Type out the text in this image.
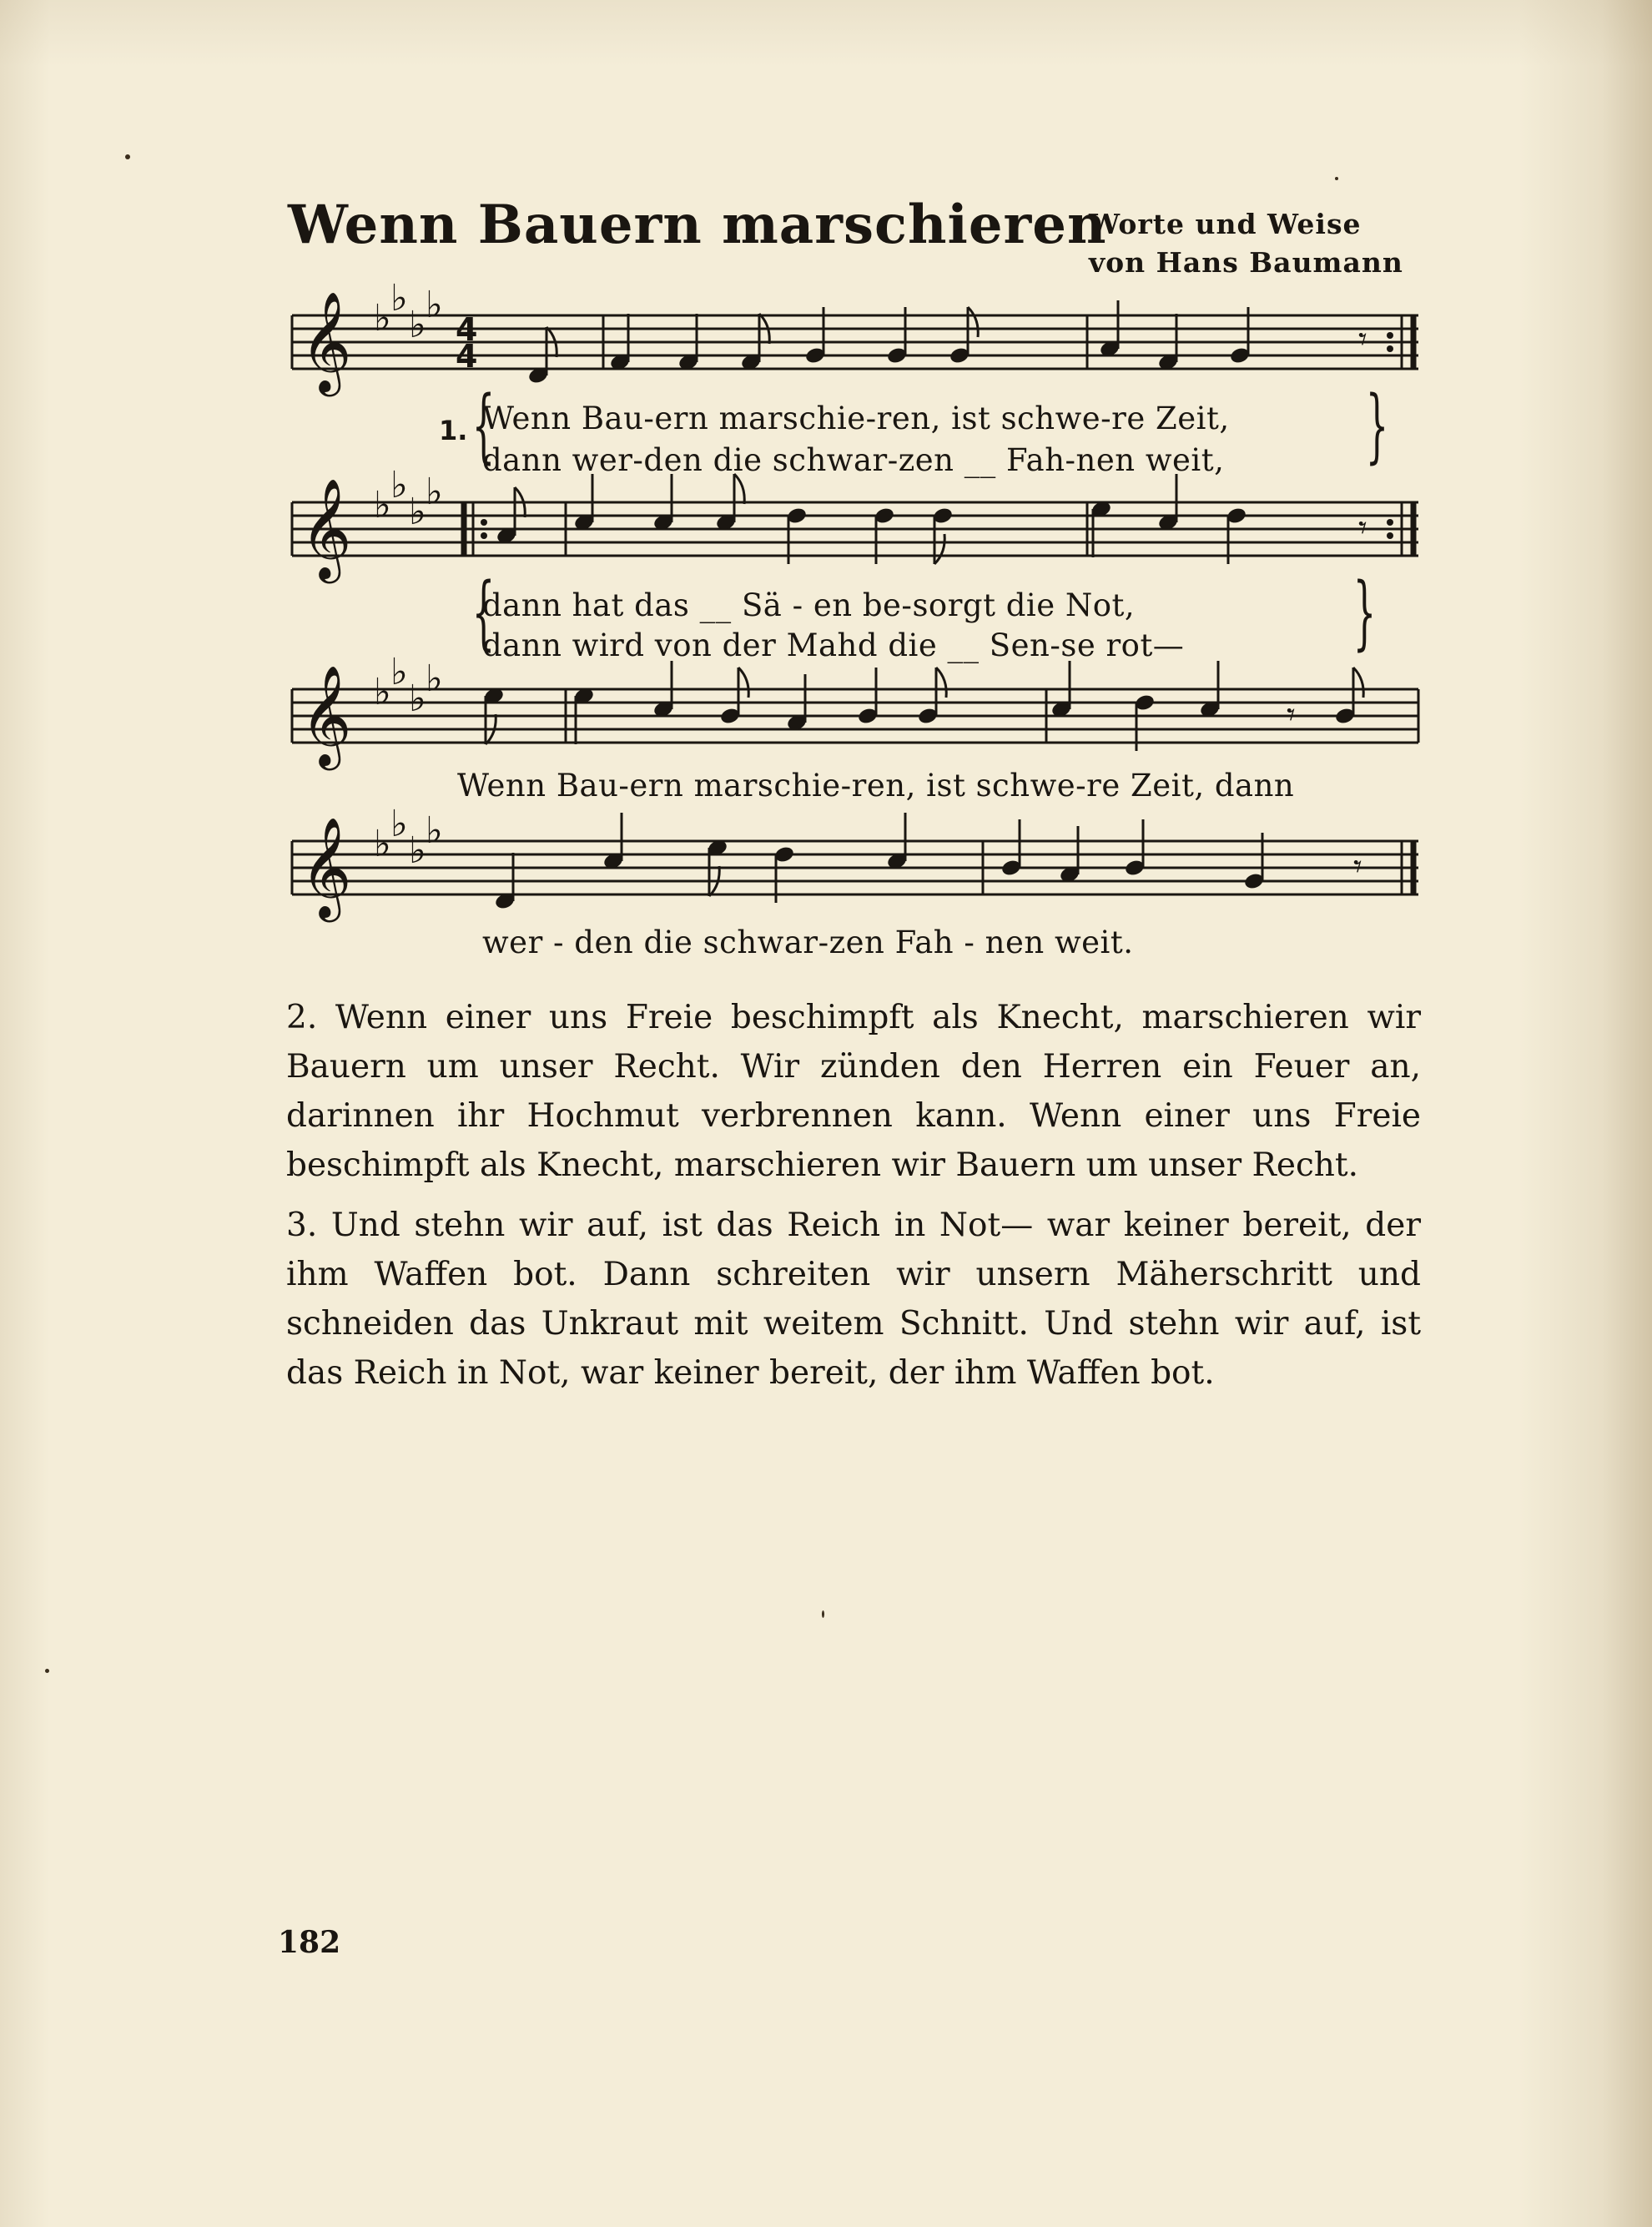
Wenn Bauern marschieren
Worte und Weise
von Hans Baumann
𝄞
𝄞
𝄞
𝄞
♭ ♭
♭ ♭
♭ ♭
♭ ♭
♭ ♭
♭ ♭
♭ ♭
♭ ♭
4
4	𝄾
𝄾
𝄾
𝄾
1. {
Wenn Bau-ern marschie-ren, ist schwe-re Zeit,
dann wer-den die schwar-zen __ Fah-nen weit, }
{
dann hat das __ Sä - en be-sorgt die Not,
dann wird von der Mahd die __ Sen-se rot— }
Wenn Bau-ern marschie-ren, ist schwe-re Zeit, dann
wer - den die schwar-zen Fah - nen weit.

2. Wenn einer uns Freie beschimpft als Knecht, marschieren wir Bauern um unser Recht. Wir zünden den Herren ein Feuer an, darinnen ihr Hochmut verbrennen kann. Wenn einer uns Freie beschimpft als Knecht, marschieren wir Bauern um unser Recht.

3. Und stehn wir auf, ist das Reich in Not— war keiner bereit, der ihm Waffen bot. Dann schreiten wir unsern Mäherschritt und schneiden das Unkraut mit weitem Schnitt. Und stehn wir auf, ist das Reich in Not, war keiner bereit, der ihm Waffen bot.

182
